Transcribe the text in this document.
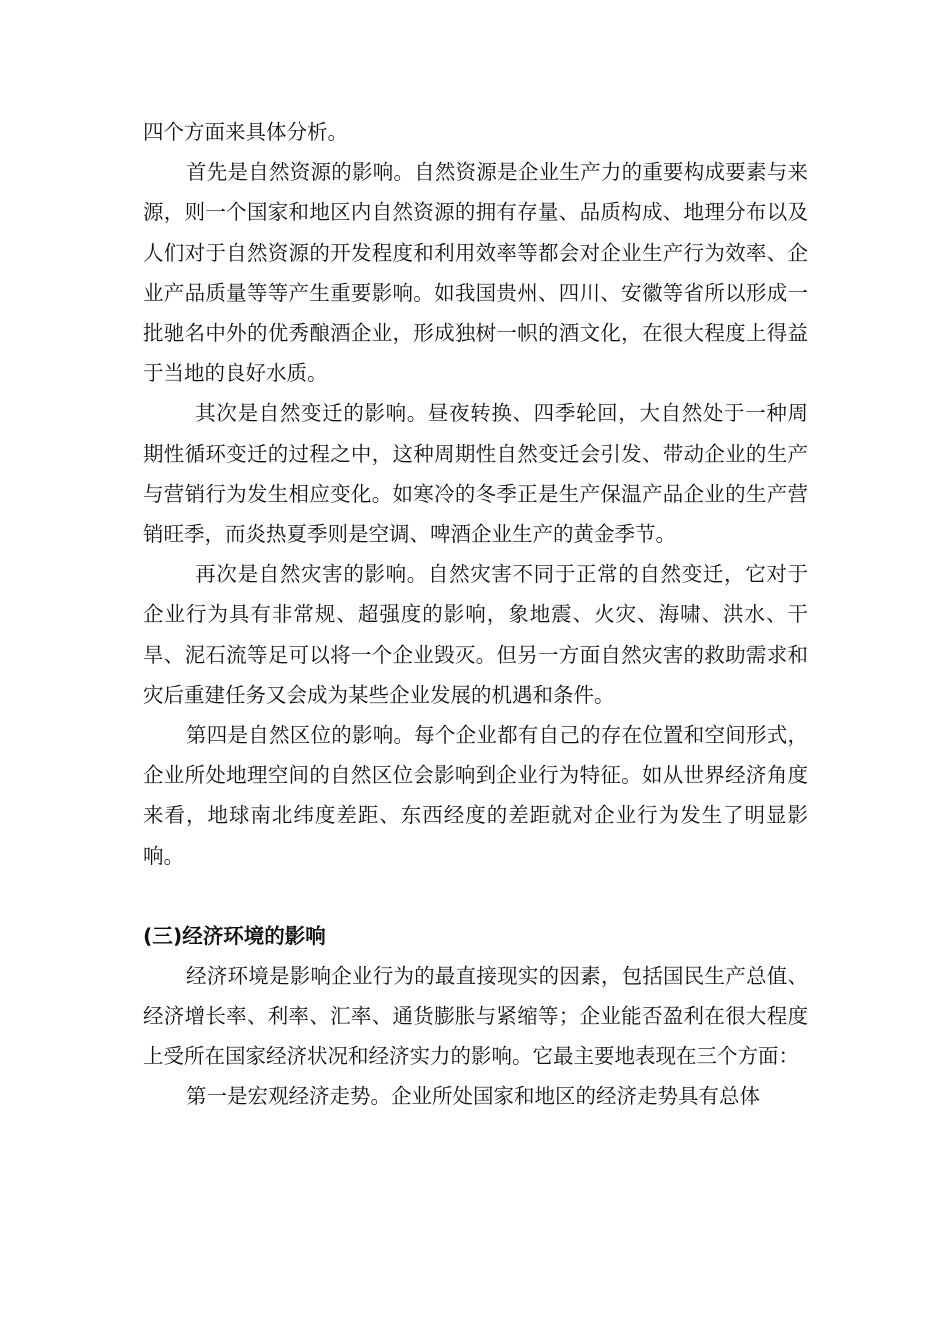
四个方面来具体分析。

首先是自然资源的影响。自然资源是企业生产力的重要构成要素与来源，则一个国家和地区内自然资源的拥有存量、品质构成、地理分布以及人们对于自然资源的开发程度和利用效率等都会对企业生产行为效率、企业产品质量等等产生重要影响。如我国贵州、四川、安徽等省所以形成一批驰名中外的优秀酿酒企业，形成独树一帜的酒文化，在很大程度上得益于当地的良好水质。

其次是自然变迁的影响。昼夜转换、四季轮回，大自然处于一种周期性循环变迁的过程之中，这种周期性自然变迁会引发、带动企业的生产与营销行为发生相应变化。如寒冷的冬季正是生产保温产品企业的生产营销旺季，而炎热夏季则是空调、啤酒企业生产的黄金季节。

再次是自然灾害的影响。自然灾害不同于正常的自然变迁，它对于企业行为具有非常规、超强度的影响，象地震、火灾、海啸、洪水、干旱、泥石流等足可以将一个企业毁灭。但另一方面自然灾害的救助需求和灾后重建任务又会成为某些企业发展的机遇和条件。

第四是自然区位的影响。每个企业都有自己的存在位置和空间形式，企业所处地理空间的自然区位会影响到企业行为特征。如从世界经济角度来看，地球南北纬度差距、东西经度的差距就对企业行为发生了明显影响。

(三)经济环境的影响

经济环境是影响企业行为的最直接现实的因素，包括国民生产总值、经济增长率、利率、汇率、通货膨胀与紧缩等；企业能否盈利在很大程度上受所在国家经济状况和经济实力的影响。它最主要地表现在三个方面：

第一是宏观经济走势。企业所处国家和地区的经济走势具有总体
